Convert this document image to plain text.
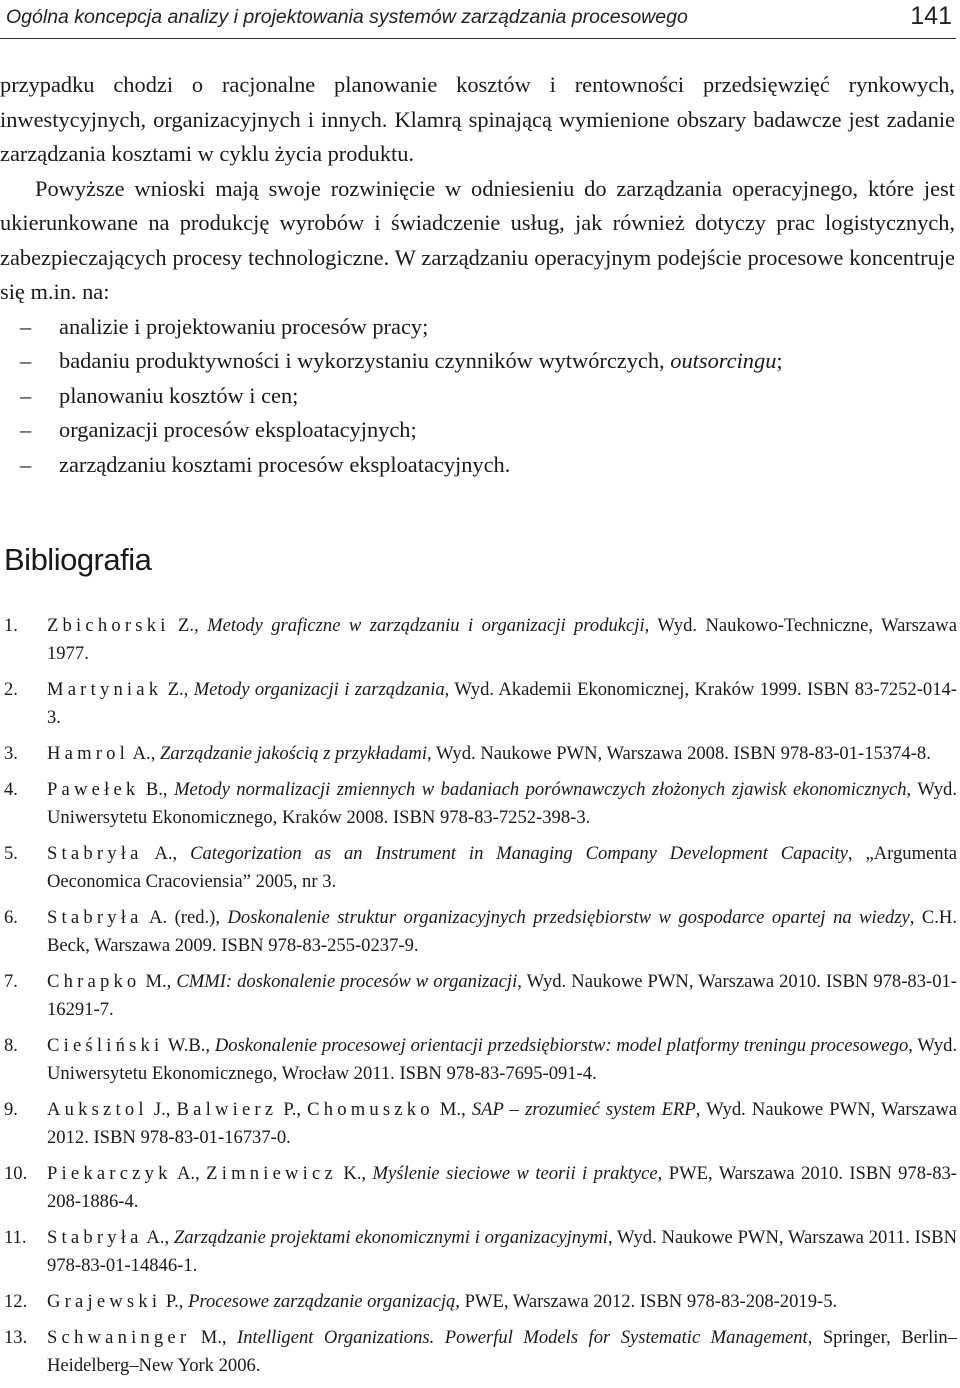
Ogólna koncepcja analizy i projektowania systemów zarządzania procesowego	141

przypadku chodzi o racjonalne planowanie kosztów i rentowności przedsięwzięć rynkowych, inwestycyjnych, organizacyjnych i innych. Klamrą spinającą wymienione obszary badawcze jest zadanie zarządzania kosztami w cyklu życia produktu.

Powyższe wnioski mają swoje rozwinięcie w odniesieniu do zarządzania operacyjnego, które jest ukierunkowane na produkcję wyrobów i świadczenie usług, jak również dotyczy prac logistycznych, zabezpieczających procesy technologiczne. W zarządzaniu operacyjnym podejście procesowe koncentruje się m.in. na:

– analizie i projektowaniu procesów pracy;
– badaniu produktywności i wykorzystaniu czynników wytwórczych, outsorcingu;
– planowaniu kosztów i cen;
– organizacji procesów eksploatacyjnych;
– zarządzaniu kosztami procesów eksploatacyjnych.
Bibliografia
1. Zbichorski Z., Metody graficzne w zarządzaniu i organizacji produkcji, Wyd. Naukowo-Techniczne, Warszawa 1977.
2. Martyniak Z., Metody organizacji i zarządzania, Wyd. Akademii Ekonomicznej, Kraków 1999. ISBN 83-7252-014-3.
3. Hamrol A., Zarządzanie jakością z przykładami, Wyd. Naukowe PWN, Warszawa 2008. ISBN 978-83-01-15374-8.
4. Pawełek B., Metody normalizacji zmiennych w badaniach porównawczych złożonych zjawisk ekonomicznych, Wyd. Uniwersytetu Ekonomicznego, Kraków 2008. ISBN 978-83-7252-398-3.
5. Stabryła A., Categorization as an Instrument in Managing Company Development Capacity, „Argumenta Oeconomica Cracoviensia” 2005, nr 3.
6. Stabryła A. (red.), Doskonalenie struktur organizacyjnych przedsiębiorstw w gospodarce opartej na wiedzy, C.H. Beck, Warszawa 2009. ISBN 978-83-255-0237-9.
7. Chrapko M., CMMI: doskonalenie procesów w organizacji, Wyd. Naukowe PWN, Warszawa 2010. ISBN 978-83-01-16291-7.
8. Cieśliński W.B., Doskonalenie procesowej orientacji przedsiębiorstw: model platformy treningu procesowego, Wyd. Uniwersytetu Ekonomicznego, Wrocław 2011. ISBN 978-83-7695-091-4.
9. Auksztol J., Balwierz P., Chomuszko M., SAP – zrozumieć system ERP, Wyd. Naukowe PWN, Warszawa 2012. ISBN 978-83-01-16737-0.
10. Piekarczyk A., Zimniewicz K., Myślenie sieciowe w teorii i praktyce, PWE, Warszawa 2010. ISBN 978-83-208-1886-4.
11. Stabryła A., Zarządzanie projektami ekonomicznymi i organizacyjnymi, Wyd. Naukowe PWN, Warszawa 2011. ISBN 978-83-01-14846-1.
12. Grajewski P., Procesowe zarządzanie organizacją, PWE, Warszawa 2012. ISBN 978-83-208-2019-5.
13. Schwaninger M., Intelligent Organizations. Powerful Models for Systematic Management, Springer, Berlin–Heidelberg–New York 2006.
